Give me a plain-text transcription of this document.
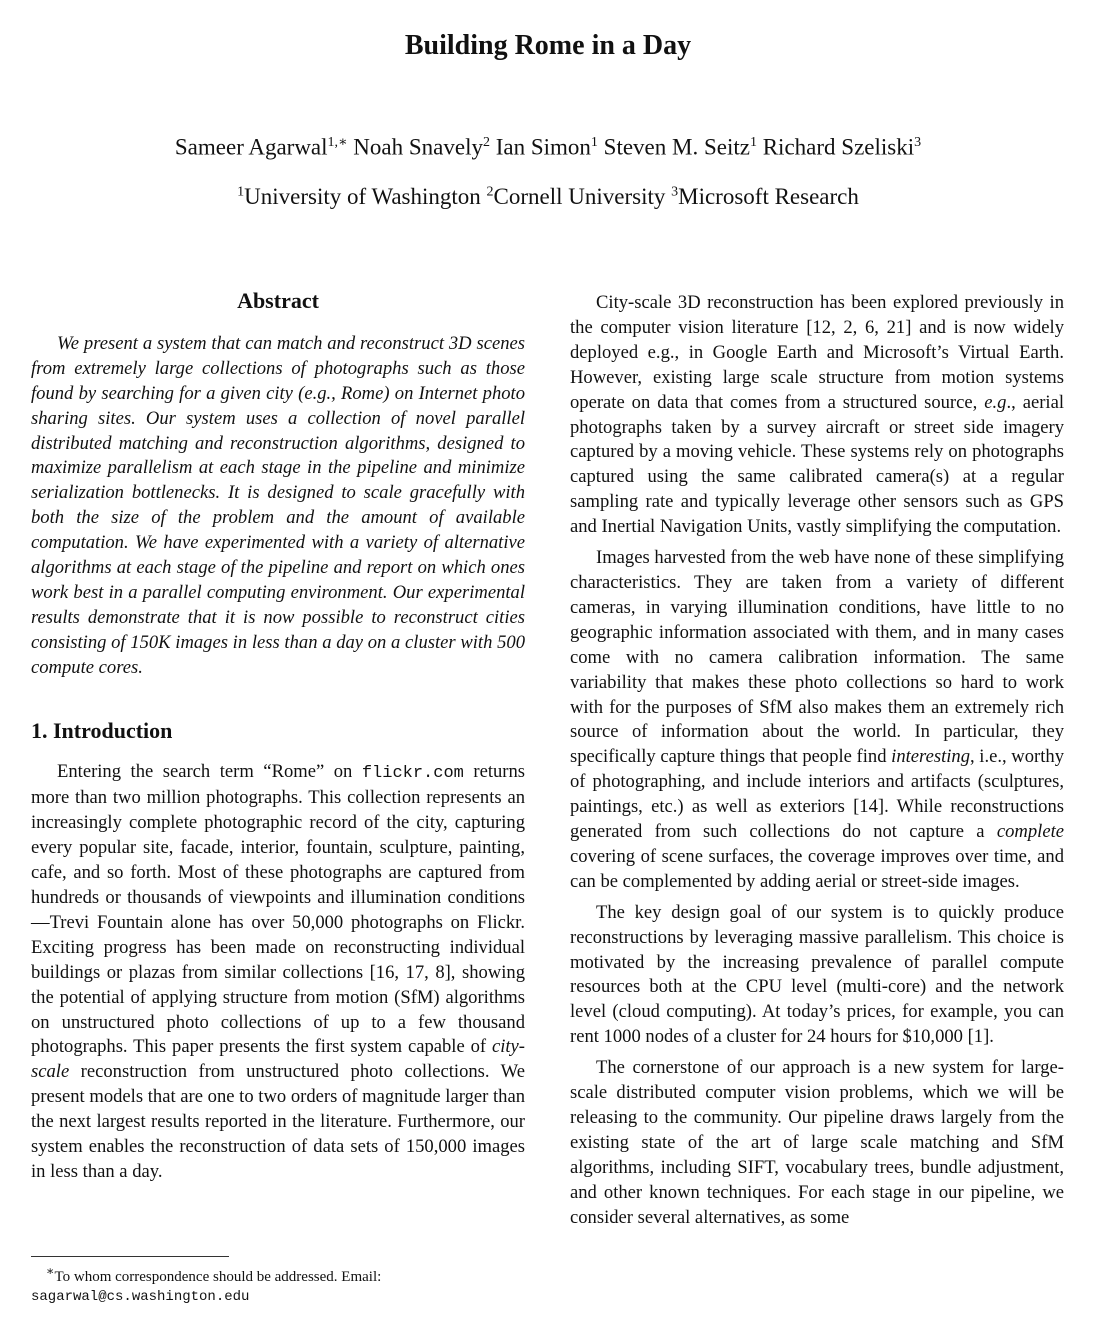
Building Rome in a Day
Sameer Agarwal$^{1,∗}$ Noah Snavely$^2$ Ian Simon$^1$ Steven M. Seitz$^1$ Richard Szeliski$^3$
$^1$University of Washington $^2$Cornell University $^3$Microsoft Research
Abstract

We present a system that can match and reconstruct 3D scenes from extremely large collections of photographs such as those found by searching for a given city (e.g., Rome) on Internet photo sharing sites. Our system uses a collection of novel parallel distributed matching and reconstruction algorithms, designed to maximize parallelism at each stage in the pipeline and minimize serialization bottlenecks. It is designed to scale gracefully with both the size of the problem and the amount of available computation. We have experimented with a variety of alternative algorithms at each stage of the pipeline and report on which ones work best in a parallel computing environment. Our experimental results demonstrate that it is now possible to reconstruct cities consisting of 150K images in less than a day on a cluster with 500 compute cores.

1. Introduction

Entering the search term “Rome” on flickr.com returns more than two million photographs. This collection represents an increasingly complete photographic record of the city, capturing every popular site, facade, interior, fountain, sculpture, painting, cafe, and so forth. Most of these photographs are captured from hundreds or thousands of viewpoints and illumination conditions—Trevi Fountain alone has over 50,000 photographs on Flickr. Exciting progress has been made on reconstructing individual buildings or plazas from similar collections [16, 17, 8], showing the potential of applying structure from motion (SfM) algorithms on unstructured photo collections of up to a few thousand photographs. This paper presents the first system capable of city-scale reconstruction from unstructured photo collections. We present models that are one to two orders of magnitude larger than the next largest results reported in the literature. Furthermore, our system enables the reconstruction of data sets of 150,000 images in less than a day.

City-scale 3D reconstruction has been explored previously in the computer vision literature [12, 2, 6, 21] and is now widely deployed e.g., in Google Earth and Microsoft’s Virtual Earth. However, existing large scale structure from motion systems operate on data that comes from a structured source, e.g., aerial photographs taken by a survey aircraft or street side imagery captured by a moving vehicle. These systems rely on photographs captured using the same calibrated camera(s) at a regular sampling rate and typically leverage other sensors such as GPS and Inertial Navigation Units, vastly simplifying the computation.

Images harvested from the web have none of these simplifying characteristics. They are taken from a variety of different cameras, in varying illumination conditions, have little to no geographic information associated with them, and in many cases come with no camera calibration information. The same variability that makes these photo collections so hard to work with for the purposes of SfM also makes them an extremely rich source of information about the world. In particular, they specifically capture things that people find interesting, i.e., worthy of photographing, and include interiors and artifacts (sculptures, paintings, etc.) as well as exteriors [14]. While reconstructions generated from such collections do not capture a complete covering of scene surfaces, the coverage improves over time, and can be complemented by adding aerial or street-side images.

The key design goal of our system is to quickly produce reconstructions by leveraging massive parallelism. This choice is motivated by the increasing prevalence of parallel compute resources both at the CPU level (multi-core) and the network level (cloud computing). At today’s prices, for example, you can rent 1000 nodes of a cluster for 24 hours for $10,000 [1].

The cornerstone of our approach is a new system for large-scale distributed computer vision problems, which we will be releasing to the community. Our pipeline draws largely from the existing state of the art of large scale matching and SfM algorithms, including SIFT, vocabulary trees, bundle adjustment, and other known techniques. For each stage in our pipeline, we consider several alternatives, as some

∗To whom correspondence should be addressed. Email: sagarwal@cs.washington.edu
